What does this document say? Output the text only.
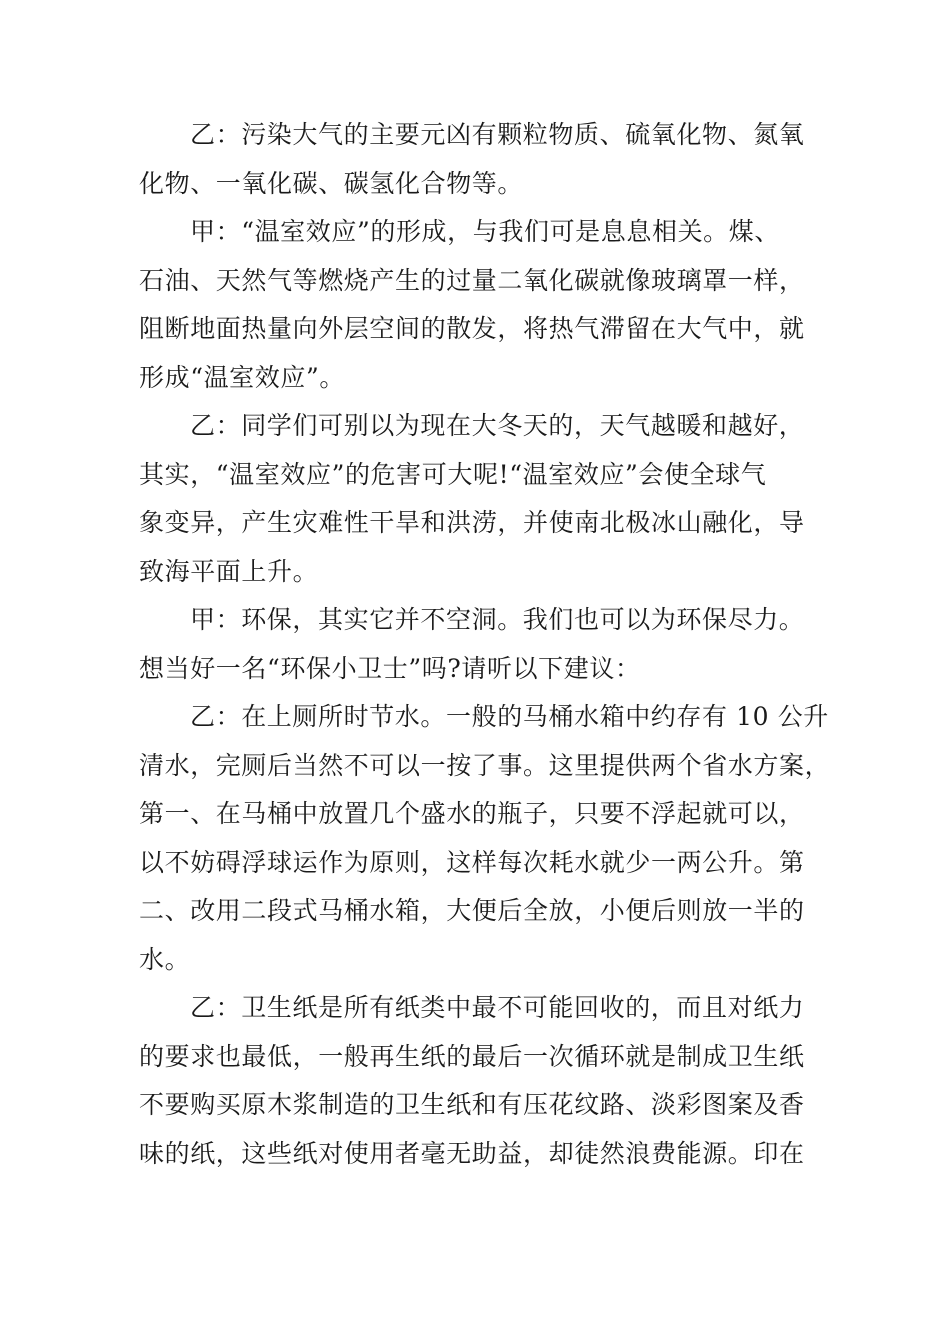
乙：污染大气的主要元凶有颗粒物质、硫氧化物、氮氧
化物、一氧化碳、碳氢化合物等。

甲：“温室效应”的形成，与我们可是息息相关。煤、
石油、天然气等燃烧产生的过量二氧化碳就像玻璃罩一样，
阻断地面热量向外层空间的散发，将热气滞留在大气中，就
形成“温室效应”。

乙：同学们可别以为现在大冬天的，天气越暖和越好，
其实，“温室效应”的危害可大呢!“温室效应”会使全球气
象变异，产生灾难性干旱和洪涝，并使南北极冰山融化，导
致海平面上升。

甲：环保，其实它并不空洞。我们也可以为环保尽力。
想当好一名“环保小卫士”吗?请听以下建议：

乙：在上厕所时节水。一般的马桶水箱中约存有 10 公升
清水，完厕后当然不可以一按了事。这里提供两个省水方案，
第一、在马桶中放置几个盛水的瓶子，只要不浮起就可以，
以不妨碍浮球运作为原则，这样每次耗水就少一两公升。第
二、改用二段式马桶水箱，大便后全放，小便后则放一半的
水。

乙：卫生纸是所有纸类中最不可能回收的，而且对纸力
的要求也最低，一般再生纸的最后一次循环就是制成卫生纸
不要购买原木浆制造的卫生纸和有压花纹路、淡彩图案及香
味的纸，这些纸对使用者毫无助益，却徒然浪费能源。印在
